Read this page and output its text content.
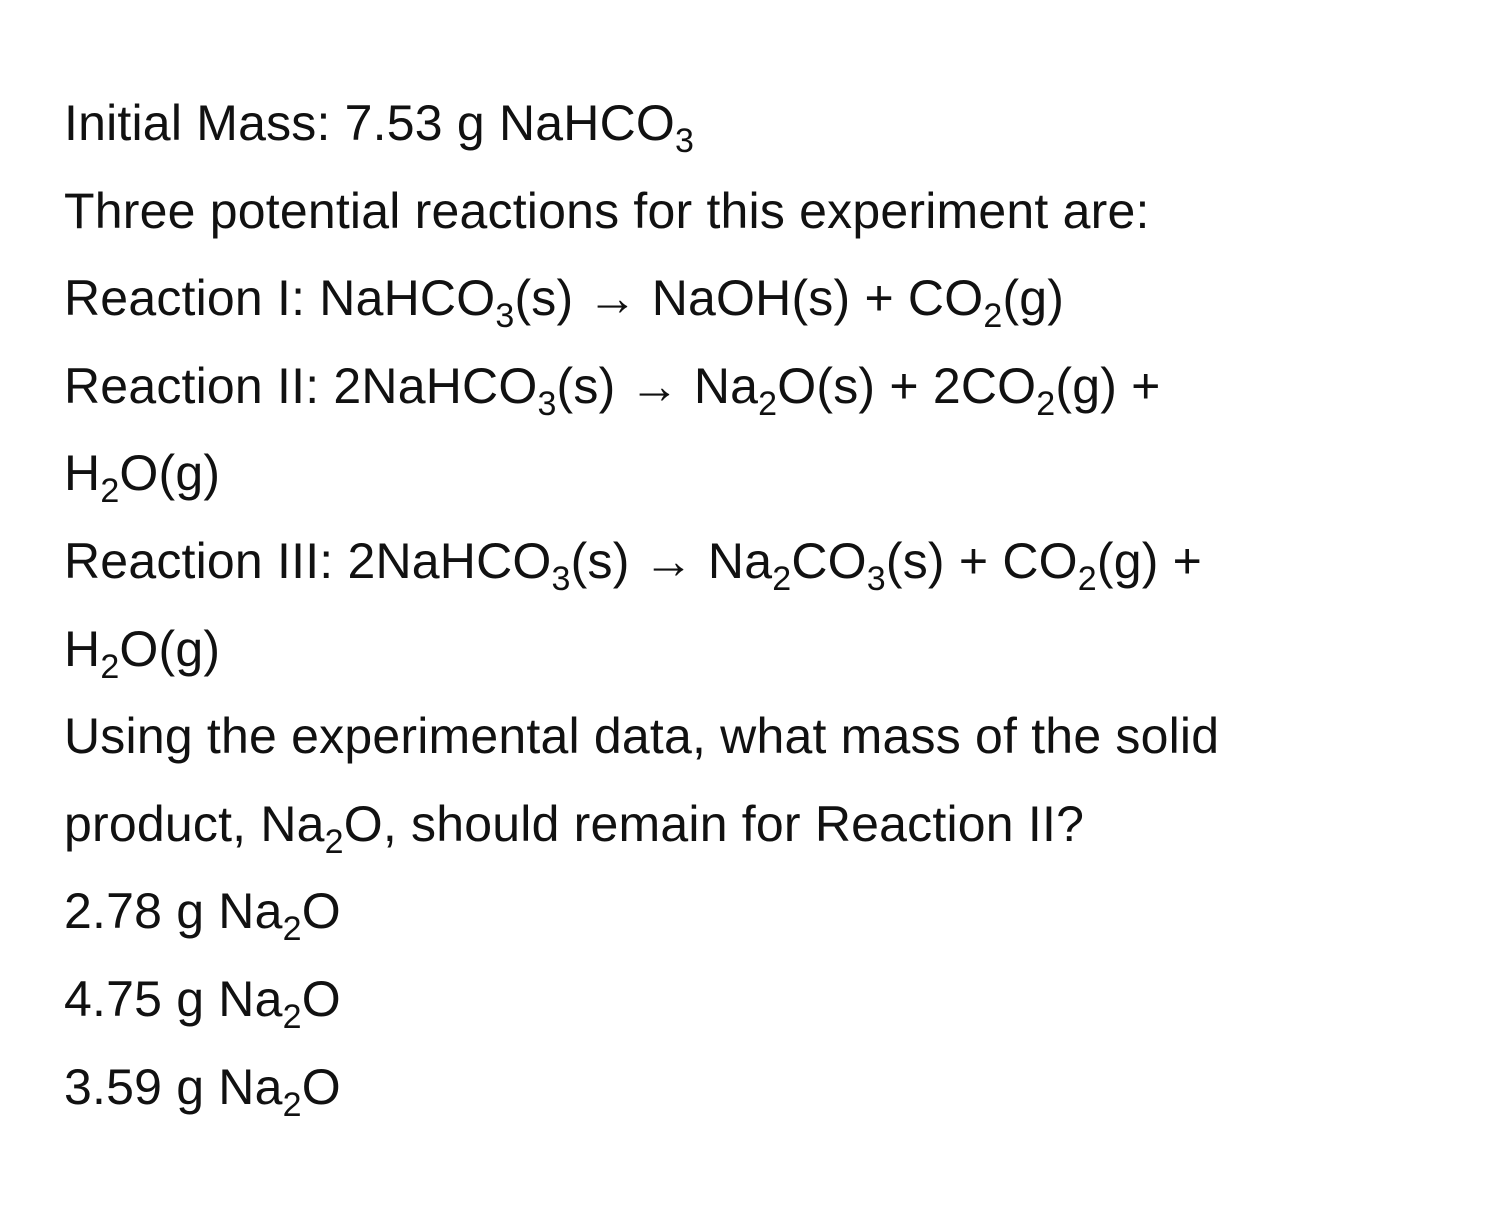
Initial Mass: 7.53 g NaHCO$_3$
Three potential reactions for this experiment are:
Reaction I: NaHCO$_3$(s) → NaOH(s) + $CO_2(g)$
Reaction II: 2NaHCO$_3$(s) → $Na_2O(s) + 2CO_2(g)$ +
$H_2O(g)$
Reaction III: 2NaHCO$_3$(s) → $Na_2CO_3(s) + CO_2(g)$ +
$H_2O(g)$
Using the experimental data, what mass of the solid
product, $Na_2O$, should remain for Reaction II?
2.78 g $Na_2O$
4.75 g $Na_2O$
3.59 g $Na_2O$
